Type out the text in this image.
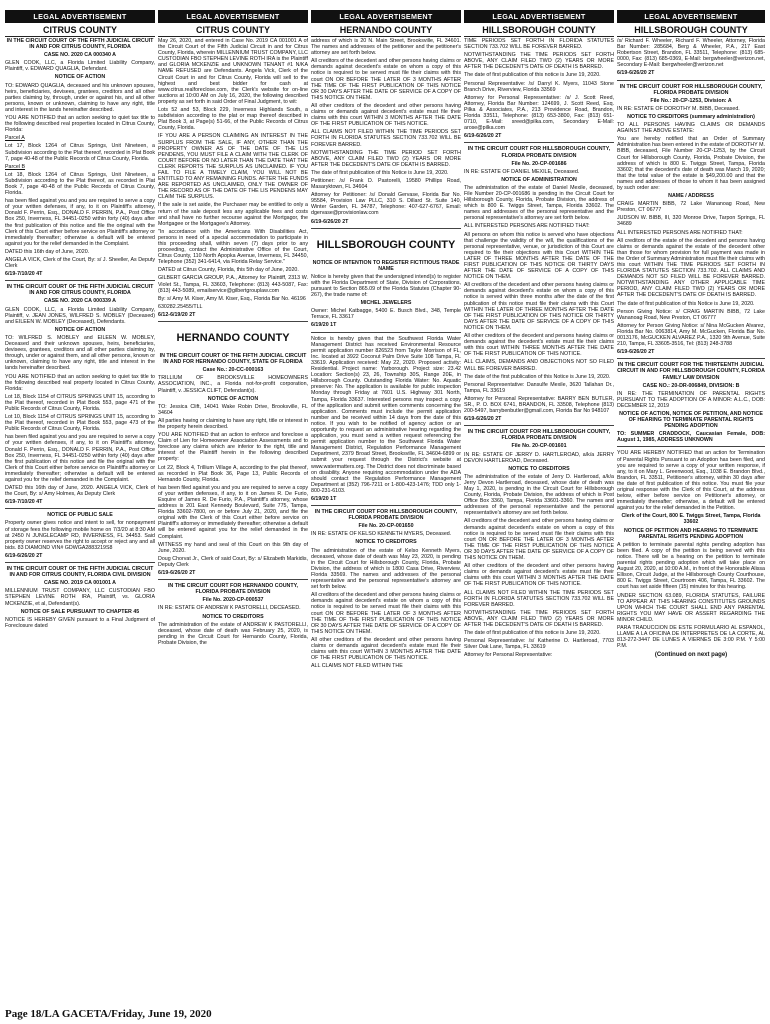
LEGAL ADVERTISEMENT
CITRUS COUNTY

IN THE CIRCUIT COURT OF THE FIFTH JUDICIAL CIRCUIT IN AND FOR CITRUS COUNTY, FLORIDA

CASE NO. 2020 CA 000340 A

GLEN COOK, LLC, a Florida Limited Liability Company, Plaintiff, v. EDWARD QUAGLIA, Defendant.

NOTICE OF ACTION

TO: EDWARD QUAGLIA, deceased and his unknown spouses, heirs, beneficiaries, devisees, grantees, creditors and all other parties claiming by, through, under or against his, and all other persons, known or unknown, claiming to have any right, title and interest in the lands hereinafter described.

YOU ARE NOTIFIED that an action seeking to quiet tax title to the following described real properties located in Citrus County, Florida:

Parcel A

Lot 17, Block 1264 of Citrus Springs, Unit Nineteen, a Subdivision according to the Plat thereof, recorded in Plat Book 7, page 40-48 of the Public Records of Citrus County, Florida.

Parcel B

Lot 18, Block 1264 of Citrus Springs, Unit Nineteen, a Subdivision according to the Plat thereof, as recorded in Plat Book 7, page 40-48 of the Public Records of Citrus County, Florida.

has been filed against you and you are required to serve a copy of your written defenses, if any, to it on Plaintiff's attorney, Donald F. Perrin, Esq., DONALD F. PERRIN, P.A., Post Office Box 250, Inverness, FL 34451-0250 within forty (40) days after the first publication of this notice and file the original with the Clerk of this Court either before service on Plaintiff's attorney or immediately thereafter; otherwise a default will be entered against you for the relief demanded in the Complaint.

DATED this 16th day of June, 2020.

ANGELA VICK, Clerk of the Court, By: s/ J. Sheeller, As Deputy Clerk

6/19-7/10/20 4T

IN THE CIRCUIT COURT OF THE FIFTH JUDICIAL CIRCUIT IN AND FOR CITRUS COUNTY, FLORIDA

CASE NO. 2020 CA 000339 A

GLEN COOK, LLC, a Florida Limited Liability Company, Plaintiff, v. JEAN JONES, WILFRED S. MOBLEY (Deceased) and EILEEN W. MOBLEY (Deceased), Defendants.

NOTICE OF ACTION

TO: WILFRED S. MOBLEY and EILEEN W. MOBLEY, Deceased and their unknown spouses, heirs, beneficiaries, devisees, grantees, creditors and all other parties claiming by, through, under or against them, and all other persons, known or unknown, claiming to have any right, title and interest in the lands hereinafter described.

YOU ARE NOTIFIED that an action seeking to quiet tax title to the following described real property located in Citrus County, Florida:

Lot 18, Block 1154 of CITRUS SPRINGS UNIT 15, according to the Plat thereof, recorded in Plat Book 553, page 471 of the Public Records of Citrus County, Florida.

Lot 10, Block 1154 of CITRUS SPRINGS UNIT 15, according to the Plat thereof, recorded in Plat Book 553, page 473 of the Public Records of Citrus County, Florida.

has been filed against you and you are required to serve a copy of your written defenses, if any, to it on Plaintiff's attorney, Donald F. Perrin, Esq., DONALD F. PERRIN, P.A., Post Office Box 250, Inverness, FL 34451-0250 within forty (40) days after the first publication of this notice and file the original with the Clerk of this Court either before service on Plaintiff's attorney or immediately thereafter; otherwise a default will be entered against you for the relief demanded in the Complaint.

DATED this 16th day of June, 2020. ANGELA VICK, Clerk of the Court, By: s/ Amy Holmes, As Deputy Clerk

6/19-7/10/20 4T

NOTICE OF PUBLIC SALE

Property owner gives notice and intent to sell, for nonpayment of storage fees the following mobile home on 7/3/20 at 8:30 AM at 2450 N JUNGLECAMP RD, INVERNESS, FL 34453. Said property owner reserves the right to accept or reject any and all bids. 83 DIAMOND VIN# GDWGA2883219S8

6/19-6/26/20 2T

IN THE CIRCUIT COURT OF THE FIFTH JUDICIAL CIRCUIT IN AND FOR CITRUS COUNTY, FLORIDA CIVIL DIVISION

CASE NO. 2019 CA 001001 A

MILLENNIUM TRUST COMPANY, LLC CUSTODIAN FBO STEPHEN LEVINE ROTH IRA, Plaintiff, vs. GLORIA MCKENZIE, et al, Defendant(s).

NOTICE OF SALE PURSUANT TO CHAPTER 45

NOTICE IS HEREBY GIVEN pursuant to a Final Judgment of Foreclosure dated

LEGAL ADVERTISEMENT
CITRUS COUNTY

May 26, 2020, and entered in Case No. 2019 CA 001001 A of the Circuit Court of the Fifth Judicial Circuit in and for Citrus County, Florida, wherein MILLENNIUM TRUST COMPANY, LLC CUSTODIAN FBO STEPHEN LEVINE ROTH IRA is the Plaintiff and GLORIA MCKENZIE and UNKNOWN TENANT #1 N/KA NAME REFUSED are Defendants. Angela Vick, Clerk of the Circuit Court in and for Citrus County, Florida will sell to the highest and best bidder for cash at www.citrus.realforeclose.com, the Clerk's website for on-line auctions at 10:00 AM on July 16, 2020, the following described property as set forth in said Order of Final Judgment, to wit:

Lots 52 and 53, Block 229, Inverness Highlands South, a subdivision according to the plat or map thereof described in Plat Book 3, at Page(s) 51-66, of the Public Records of Citrus County, Florida.

IF YOU ARE A PERSON CLAIMING AN INTEREST IN THE SURPLUS FROM THE SALE, IF ANY, OTHER THAN THE PROPERTY OWNER AS OF THE DATE OF THE LIS PENDENS, YOU MUST FILE A CLAIM WITH THE CLERK OF COURT BEFORE OR NO LATER THAN THE DATE THAT THE CLERK REPORTS THE SURPLUS AS UNCLAIMED. IF YOU FAIL TO FILE A TIMELY CLAIM, YOU WILL NOT BE ENTITLED TO ANY REMAINING FUNDS. AFTER THE FUNDS ARE REPORTED AS UNCLAIMED, ONLY THE OWNER OF THE RECORD AS OF THE DATE OF THE LIS PENDENS MAY CLAIM THE SURPLUS.

If the sale is set aside, the Purchaser may be entitled to only a return of the sale deposit less any applicable fees and costs and shall have no further recourse against the Mortgagor, the Mortgagee or the Mortgagee's Attorney.

"In accordance with the Americans With Disabilities Act, persons in need of a special accommodation to participate in this proceeding shall, within seven (7) days prior to any proceeding, contact the Administrative Office of the Court, Citrus County, 110 North Apopka Avenue, Inverness, FL 34450, Telephone (352) 341-6414, via Florida Relay Service."

DATED at Citrus County, Florida, this 5th day of June, 2020.

GILBERT GARCIA GROUP, P.A., Attorney for Plaintiff, 2313 W. Violet St., Tampa, FL 33603, Telephone: (813) 443-5087, Fax: (813) 443-5089, emailservice@gilbertgrouplaw.com

By: s/ Amy M. Kiser, Amy M. Kiser, Esq., Florida Bar No. 46196

630282.25455/TLL

6/12-6/19/20 2T

HERNANDO COUNTY

IN THE CIRCUIT COURT OF THE FIFTH JUDICIAL CIRCUIT IN AND FOR HERNANDO COUNTY, STATE OF FLORIDA

Case No.: 20-CC-000163

TRILLIUM OF BROOKSVILLE HOMEOWNERS ASSOCIATION, INC., a Florida not-for-profit corporation, Plaintiff, v. JESSICA CLIFT, Defendant(s).

NOTICE OF ACTION

TO: Jessica Clift, 14041 Wake Robin Drive, Brooksville, FL 34604

All parties having or claiming to have any right, title or interest in the property herein described.

YOU ARE NOTIFIED that an action to enforce and foreclose a Claim of Lien for Homeowner Association Assessments and to foreclose any claims which are inferior to the right, title and interest of the Plaintiff herein in the following described property:

Lot 22, Block 4, Trillium Village A, according to the plat thereof, as recorded in Plat Book 36, Page 13, Public Records of Hernando County, Florida.

has been filed against you and you are required to serve a copy of your written defenses, if any, to it on James R. De Furio, Esquire of James R. De Furio, P.A., Plaintiff's attorney, whose address is 201 East Kennedy Boulevard, Suite 775, Tampa, Florida 33602-7800, on or before July 21, 2020, and file the original with the Clerk of this Court either before service on Plaintiff's attorney or immediately thereafter; otherwise a default will be entered against you for the relief demanded in the Complaint.

WITNESS my hand and seal of this Court on this 9th day of June, 2020.

Doug Chorvat Jr., Clerk of said Court, By: s/ Elizabeth Markidis, Deputy Clerk

6/19-6/26/20 2T

IN THE CIRCUIT COURT FOR HERNANDO COUNTY, FLORIDA PROBATE DIVISION

File No. 2020-CP-000537

IN RE: ESTATE OF ANDREW K PASTORELLI, DECEASED.

NOTICE TO CREDITORS

The administration of the estate of ANDREW K PASTORELLI, deceased, whose date of death was February 25, 2020, is pending in the Circuit Court for Hernando County, Florida, Probate Division, the

LEGAL ADVERTISEMENT
HERNANDO COUNTY

address of which is 20 N. Main Street, Brooksville, FL 34601. The names and addresses of the petitioner and the petitioner's attorney are set forth below.

All creditors of the decedent and other persons having claims or demands against decedent's estate on whom a copy of this notice is required to be served must file their claims with this court ON OR BEFORE THE LATER OF 3 MONTHS AFTER THE TIME OF THE FIRST PUBLICATION OF THIS NOTICE OR 30 DAYS AFTER THE DATE OF SERVICE OF A COPY OF THIS NOTICE ON THEM.

All other creditors of the decedent and other persons having claims or demands against decedent's estate must file their claims with this court WITHIN 3 MONTHS AFTER THE DATE OF THE FIRST PUBLICATION OF THIS NOTICE.

ALL CLAIMS NOT FILED WITHIN THE TIME PERIODS SET FORTH IN FLORIDA STATUTES SECTION 733.702 WILL BE FOREVER BARRED.

NOTWITHSTANDING THE TIME PERIOD SET FORTH ABOVE, ANY CLAIM FILED TWO (2) YEARS OR MORE AFTER THE DECEDENT'S DATE OF DEATH IS BARRED.

The date of first publication of this Notice is June 19, 2020.

Petitioner: /s/ Frank D. Pastorelli, 19580 Phillips Road, Masaryktown, FL 34604

Attorney for Petitioner: /s/ Donald Gervase, Florida Bar No. 95584, Provision Law PLLC, 310 S. Dillard St. Suite 140, Winter Garden, FL 34787, Telephone: 407-627-6767, Email: dgervase@provisionlaw.com

6/19-6/26/20 2T

HILLSBOROUGH COUNTY

NOTICE OF INTENTION TO REGISTER FICTITIOUS TRADE NAME

Notice is hereby given that the undersigned intend(s) to register with the Florida Department of State, Division of Corporations, pursuant to Section 865.09 of the Florida Statutes (Chapter 90-267), the trade name of:

MICHEL JEWELERS

Owner: Michel Katbagge, 5400 E. Busch Blvd., 348, Temple Terrace, FL 33617

6/19/20 1T

Notice is hereby given that the Southwest Florida Water Management District has received Environmental Resource permit application number 826523 from Taylor Morrison of FL, Inc. located at 3922 Coconut Palm Drive Suite 108 Tampa, FL 33619. Application received: May 22, 2020. Proposed activity: Residential. Project name: Yarborough. Project size: 23.42 Location: Section(s) 23, 26, Township 30S, Range 20E, in Hillsborough County. Outstanding Florida Water: No. Aquatic preserve: No. The application is available for public inspection Monday through Friday at 7601 U.S. Highway 301 North, Tampa, Florida 33637. Interested persons may inspect a copy of the application and submit written comments concerning the application. Comments must include the permit application number and be received within 14 days from the date of this notice. If you wish to be notified of agency action or an opportunity to request an administrative hearing regarding the application, you must send a written request referencing the permit application number to the Southwest Florida Water Management District, Regulation Performance Management Department, 2379 Broad Street, Brooksville, FL 34604-6899 or submit your request through the District's website at www.watermatters.org. The District does not discriminate based on disability. Anyone requiring accommodation under the ADA should contact the Regulation Performance Management Department at (352) 796-7211 or 1-800-423-1476; TDD only 1-800-231-6103.

6/19/20 1T

IN THE CIRCUIT COURT FOR HILLSBOROUGH COUNTY, FLORIDA PROBATE DIVISION

File No. 20-CP-001650

IN RE: ESTATE OF KELSO KENNETH MYERS, Deceased.

NOTICE TO CREDITORS

The administration of the estate of Kelso Kenneth Myers, deceased, whose date of death was May 23, 2020, is pending in the Circuit Court for Hillsborough County, Florida, Probate Division, the address of which is 1800 Casa Drive, Riverview, Florida 33569. The names and addresses of the personal representative and the personal representative's attorney are set forth below.

All creditors of the decedent and other persons having claims or demands against decedent's estate on whom a copy of this notice is required to be served must file their claims with this court ON OR BEFORE THE LATER OF 3 MONTHS AFTER THE TIME OF THE FIRST PUBLICATION OF THIS NOTICE OR 30 DAYS AFTER THE DATE OF SERVICE OF A COPY OF THIS NOTICE ON THEM.

All other creditors of the decedent and other persons having claims or demands against decedent's estate must file their claims with this court WITHIN 3 MONTHS AFTER THE DATE OF THE FIRST PUBLICATION OF THIS NOTICE.

ALL CLAIMS NOT FILED WITHIN THE

LEGAL ADVERTISEMENT
HILLSBOROUGH COUNTY

TIME PERIODS SET FORTH IN FLORIDA STATUTES SECTION 733.702 WILL BE FOREVER BARRED.

NOTWITHSTANDING THE TIME PERIODS SET FORTH ABOVE, ANY CLAIM FILED TWO (2) YEARS OR MORE AFTER THE DECEDENT'S DATE OF DEATH IS BARRED.

The date of first publication of this notice is June 19, 2020.

Personal Representative: /s/ Darryl K. Myers, 11043 Stone Branch Drive, Riverview, Florida 33569

Attorney for Personal Representative: /s/ J. Scott Reed, Attorney, Florida Bar Number: 124699, J. Scott Reed, Esq. Pilka & Associates, P.A., 213 Providence Road, Brandon, Florida 33511, Telephone: (813) 653-3800, Fax: (813) 651-0710, E-Mail: sreed@pilka.com, Secondary E-Mail: arose@pilka.com

6/19-6/26/20 2T

IN THE CIRCUIT COURT FOR HILLSBOROUGH COUNTY, FLORIDA PROBATE DIVISION

File No. 20-CP-001686

IN RE: ESTATE OF DANIEL MEXILE, Deceased.

NOTICE OF ADMINISTRATION

The administration of the estate of Daniel Mexile, deceased, File Number 20-CP-001686 is pending in the Circuit Court for Hillsborough County, Florida, Probate Division, the address of which is 800 E. Twiggs Street, Tampa, Florida 33602. The names and addresses of the personal representative and the personal representative's attorney are set forth below.

ALL INTERESTED PERSONS ARE NOTIFIED THAT:

All persons on whom this notice is served who have objections that challenge the validity of the will, the qualifications of the personal representative, venue, or jurisdiction of this Court are required to file their objections with this Court WITHIN THE LATER OF THREE MONTHS AFTER THE DATE OF THE FIRST PUBLICATION OF THIS NOTICE OR THIRTY DAYS AFTER THE DATE OF SERVICE OF A COPY OF THIS NOTICE ON THEM.

All creditors of the decedent and other persons having claims or demands against decedent's estate on whom a copy of this notice is served within three months after the date of the first publication of this notice must file their claims with this Court WITHIN THE LATER OF THREE MONTHS AFTER THE DATE OF THE FIRST PUBLICATION OF THIS NOTICE OR THIRTY DAYS AFTER THE DATE OF SERVICE OF A COPY OF THIS NOTICE ON THEM.

All other creditors of the decedent and persons having claims or demands against the decedent's estate must file their claims with this court WITHIN THREE MONTHS AFTER THE DATE OF THE FIRST PUBLICATION OF THIS NOTICE.

ALL CLAIMS, DEMANDS AND OBJECTIONS NOT SO FILED WILL BE FOREVER BARRED.

The date of the first publication of this Notice is June 19, 2020.

Personal Representative: Dansulfe Mexile, 3620 Tallahan Dr., Tampa, FL 33619

Attorney for Personal Representative: BARRY BEN BUTLER, SR., P. O. BOX 6741, BRANDON, FL 33508, Telephone (813) 200-5497, barrybenbutler@gmail.com, Florida Bar No 948107

6/19-6/26/20 2T

IN THE CIRCUIT COURT FOR HILLSBOROUGH COUNTY, FLORIDA PROBATE DIVISION

File No. 20-CP-001601

IN RE: ESTATE OF JERRY D. HARTLEROAD, a/k/a JERRY DEVON HARTLEROAD, Deceased.

NOTICE TO CREDITORS

The administration of the estate of Jerry D. Hartleroad, a/k/a Jerry Devon Hartleroad, deceased, whose date of death was May 1, 2020, is pending in the Circuit Court for Hillsborough County, Florida, Probate Division, the address of which is Post Office Box 3360, Tampa, Florida 33601-3360. The names and addresses of the personal representative and the personal representative's attorney are set forth below.

All creditors of the decedent and other persons having claims or demands against decedent's estate on whom a copy of this notice is required to be served must file their claims with this court ON OR BEFORE THE LATER OF 3 MONTHS AFTER THE TIME OF THE FIRST PUBLICATION OF THIS NOTICE OR 30 DAYS AFTER THE DATE OF SERVICE OF A COPY OF THIS NOTICE ON THEM.

All other creditors of the decedent and other persons having claims or demands against decedent's estate must file their claims with this court WITHIN 3 MONTHS AFTER THE DATE OF THE FIRST PUBLICATION OF THIS NOTICE.

ALL CLAIMS NOT FILED WITHIN THE TIME PERIODS SET FORTH IN FLORIDA STATUTES SECTION 733.702 WILL BE FOREVER BARRED.

NOTWITHSTANDING THE TIME PERIODS SET FORTH ABOVE, ANY CLAIM FILED TWO (2) YEARS OR MORE AFTER THE DECEDENT'S DATE OF DEATH IS BARRED.

The date of first publication of this notice is June 19, 2020.

Personal Representative: /s/ Katherine O. Hartleroad, 7703 Silver Oak Lane, Tampa, FL 33619

Attorney for Personal Representative:

LEGAL ADVERTISEMENT
HILLSBOROUGH COUNTY

/s/ Richard F. Wheeler, Richard F. Wheeler, Attorney, Florida Bar Number: 285684, Berg & Wheeler, P.A., 217 East Robertson Street, Brandon, FL 33511, Telephone: (813) 685-0000, Fax: (813) 685-0369, E-Mail: bergwheeler@verizon.net, Secondary E-Mail: lbergwheeler@verizon.net

6/19-6/26/20 2T

IN THE CIRCUIT COURT FOR HILLSBOROUGH COUNTY, FLORIDA PROBATE DIVISION

File No.: 20-CP-1253, Division: A

IN RE: ESTATE OF DOROTHY M. BIBB, Deceased.

NOTICE TO CREDITORS (summary administration)

TO ALL PERSONS HAVING CLAIMS OR DEMANDS AGAINST THE ABOVE ESTATE:

You are hereby notified that an Order of Summary Administration has been entered in the estate of DOROTHY M. BIBB, deceased, File Number 20-CP-1253, by the Circuit Court for Hillsborough County, Florida, Probate Division, the address of which is 800 E. Twiggs Street, Tampa, Florida 33602; that the decedent's date of death was March 19, 2020; that the total value of the estate is $49,200.00 and that the names and addresses of those to whom it has been assigned by such order are:

NAME / ADDRESS

CRAIG MARTIN BIBB, 72 Lake Wananoag Road, New Preston, CT 06777

JUDSON W. BIBB, III, 320 Monroe Drive, Tarpon Springs, FL 34689

ALL INTERESTED PERSONS ARE NOTIFIED THAT:

All creditors of the estate of the decedent and persons having claims or demands against the estate of the decedent other than those for whom provision for full payment was made in the Order of Summary Administration must file their claims with this court WITHIN THE TIME PERIODS SET FORTH IN FLORIDA STATUTES SECTION 733.702. ALL CLAIMS AND DEMANDS NOT SO FILED WILL BE FOREVER BARRED. NOTWITHSTANDING ANY OTHER APPLICABLE TIME PERIOD, ANY CLAIM FILED TWO (2) YEARS OR MORE AFTER THE DECEDENT'S DATE OF DEATH IS BARRED.

The date of first publication of this Notice is June 19, 2020.

Person Giving Notice: s/ CRAIG MARTIN BIBB, 72 Lake Wananoag Road, New Preston, CT 06777

Attorney for Person Giving Notice: s/ Nina McGucken Alvarez, Florida Bar No. 0063814, Amy M. McGucken, Florida Bar No. 0013176, McGUCKEN ALVAREZ P.A., 1320 9th Avenue, Suite 210, Tampa, FL 33605-3516, Tel: (813) 248-3788

6/19-6/26/20 2T

IN THE CIRCUIT COURT FOR THE THIRTEENTH JUDICIAL CIRCUIT IN AND FOR HILLSBOROUGH COUNTY, FLORIDA FAMILY LAW DIVISION

CASE NO.: 20-DR-006849, DIVISION: B

IN RE: THE TERMINATION OF PARENTAL RIGHTS PURSUANT TO THE ADOPTION OF A MINOR: A.L.C., DOB: DECEMBER 12, 2019

NOTICE OF ACTION, NOTICE OF PETITION, AND NOTICE OF HEARING TO TERMINATE PARENTAL RIGHTS PENDING ADOPTION

TO: SUMMER CRADDOCK, Caucasian Female, DOB: August 1, 1985, ADDRESS UNKNOWN

YOU ARE HEREBY NOTIFIED that an action for Termination of Parental Rights Pursuant to an Adoption has been filed, and you are required to serve a copy of your written response, if any, to it on Mary L. Greenwood, Esq., 1038 E. Brandon Blvd., Brandon, FL 33511, Petitioner's attorney, within 30 days after the date of first publication of this notice. You must file your original response with the Clerk of this Court, at the address below, either before service on Petitioner's attorney, or immediately thereafter; otherwise, a default will be entered against you for the relief demanded in the Petition.

Clerk of the Court, 800 E. Twiggs Street, Tampa, Florida 33602

NOTICE OF PETITION AND HEARING TO TERMINATE PARENTAL RIGHTS PENDING ADOPTION

A petition to terminate parental rights pending adoption has been filed. A copy of the petition is being served with this notice. There will be a hearing on the petition to terminate parental rights pending adoption which will take place on August 20, 2020, at 10:00 A.M., in front of the Honorable Alissa Ellison, Circuit Judge, at the Hillsborough County Courthouse, 800 E. Twiggs Street, Courtroom 406, Tampa, FL 33602. The court has set aside fifteen (15) minutes for this hearing.

UNDER SECTION 63.089, FLORIDA STATUTES, FAILURE TO APPEAR AT THIS HEARING CONSTITUTES GROUNDS UPON WHICH THE COURT SHALL END ANY PARENTAL RIGHTS YOU MAY HAVE OR ASSERT REGARDING THE MINOR CHILD.

PARA TRADUCCION DE ESTE FORMULARIO AL ESPANOL, LLAME A LA OFICINA DE INTERPRETES DE LA CORTE, AL 813-272-3447 DE LUNES A VIERNES DE 3:00 P.M. Y 5:00 P.M.

(Continued on next page)
Page 18/LA GACETA/Friday, June 19, 2020
